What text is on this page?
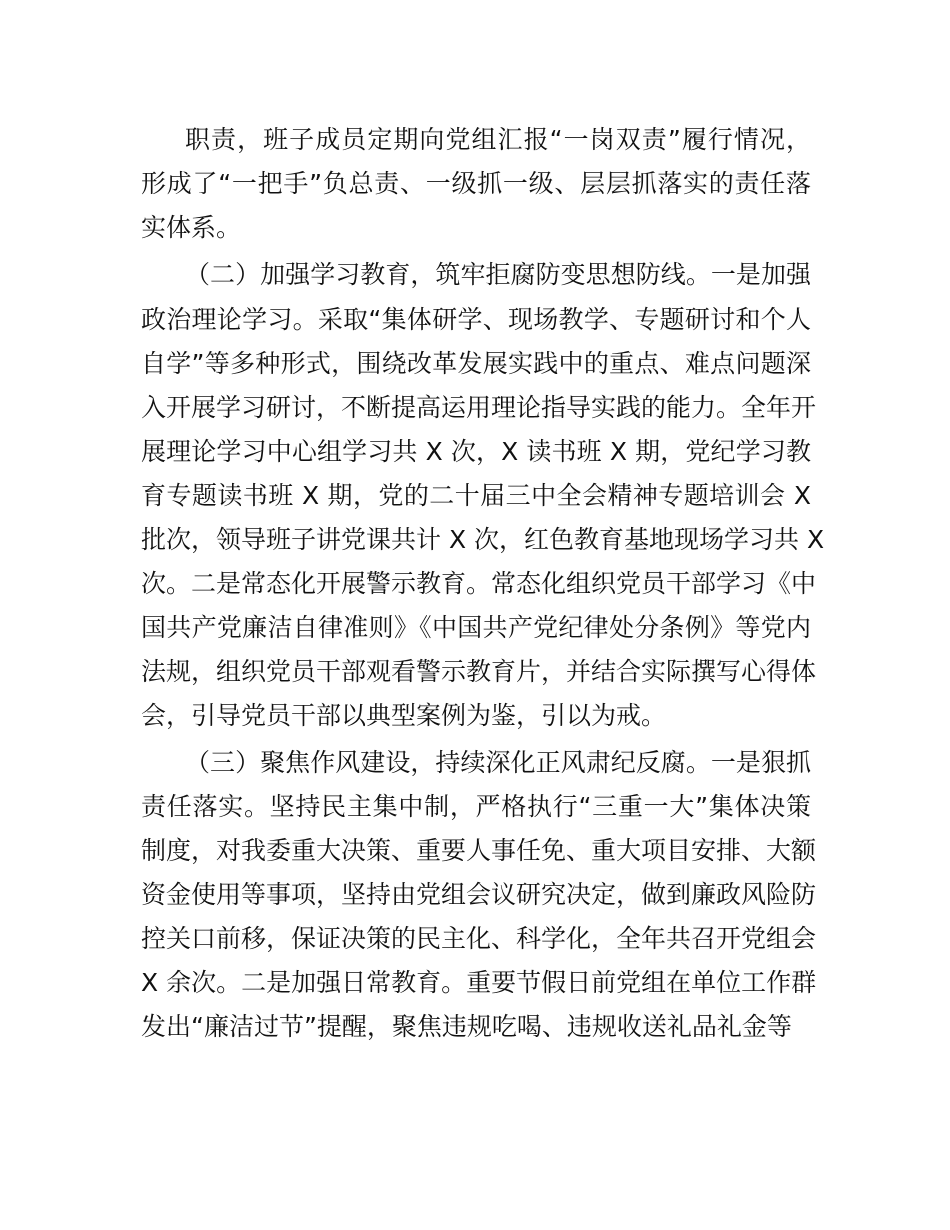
职责，班子成员定期向党组汇报“一岗双责”履行情况，
形成了“一把手”负总责、一级抓一级、层层抓落实的责任落
实体系。
（二）加强学习教育，筑牢拒腐防变思想防线。一是加强
政治理论学习。采取“集体研学、现场教学、专题研讨和个人
自学”等多种形式，围绕改革发展实践中的重点、难点问题深
入开展学习研讨，不断提高运用理论指导实践的能力。全年开
展理论学习中心组学习共 X 次，X 读书班 X 期，党纪学习教
育专题读书班 X 期，党的二十届三中全会精神专题培训会 X
批次，领导班子讲党课共计 X 次，红色教育基地现场学习共 X
次。二是常态化开展警示教育。常态化组织党员干部学习《中
国共产党廉洁自律准则》《中国共产党纪律处分条例》等党内
法规，组织党员干部观看警示教育片，并结合实际撰写心得体
会，引导党员干部以典型案例为鉴，引以为戒。
（三）聚焦作风建设，持续深化正风肃纪反腐。一是狠抓
责任落实。坚持民主集中制，严格执行“三重一大”集体决策
制度，对我委重大决策、重要人事任免、重大项目安排、大额
资金使用等事项，坚持由党组会议研究决定，做到廉政风险防
控关口前移，保证决策的民主化、科学化，全年共召开党组会
X 余次。二是加强日常教育。重要节假日前党组在单位工作群
发出“廉洁过节”提醒，聚焦违规吃喝、违规收送礼品礼金等
